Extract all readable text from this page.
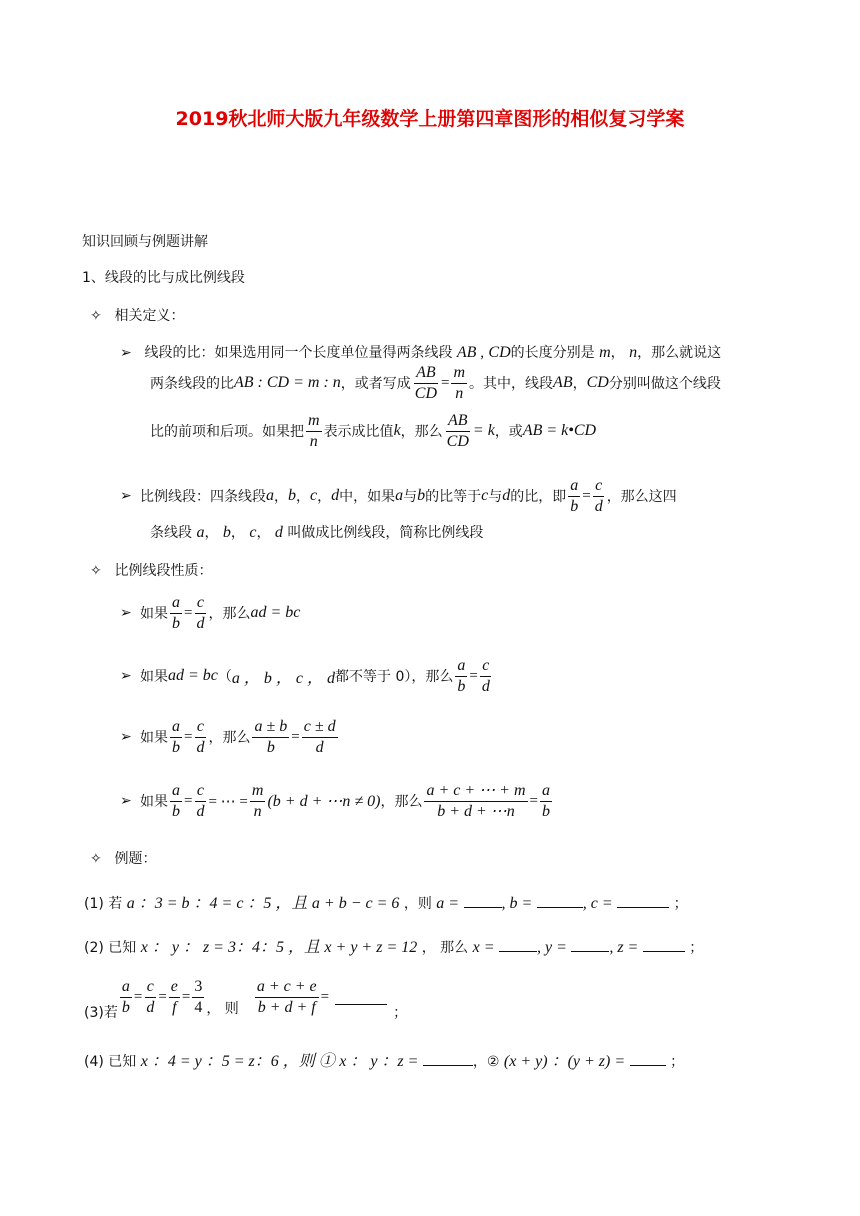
2019秋北师大版九年级数学上册第四章图形的相似复习学案
知识回顾与例题讲解
1、线段的比与成比例线段
✧ 相关定义：
➢ 线段的比：如果选用同一个长度单位量得两条线段 AB , CD的长度分别是 m， n，那么就说这
两条线段的比 AB : CD = m : n ，或者写成 $\frac{AB}{CD} = \frac{m}{n}$ 。其中，线段 AB ， CD 分别叫做这个线段
比的前项和后项。如果把 $\frac{m}{n}$ 表示成比值 k ，那么 $\frac{AB}{CD} = k$ ，或 AB = k•CD
➢ 比例线段：四条线段 a ， b ， c ， d 中，如果 a 与 b 的比等于 c 与 d 的比，即 $\frac{a}{b} = \frac{c}{d}$ ，那么这四
条线段 a， b， c， d 叫做成比例线段，简称比例线段
✧ 比例线段性质：
➢ 如果 $\frac{a}{b} = \frac{c}{d}$ ，那么 ad = bc
➢ 如果 ad = bc （ a ， b ， c ， d 都不等于 0），那么 $\frac{a}{b} = \frac{c}{d}$
➢ 如果 $\frac{a}{b} = \frac{c}{d}$ ，那么 $\frac{a \pm b}{b} = \frac{c \pm d}{d}$
➢ 如果 $\frac{a}{b} = \frac{c}{d}$ = ⋯ = $\frac{m}{n} (b + d$ + ⋯n ≠ 0) ，那么 $\frac{a + c + \cdots + m}{b + d + \cdots n} = \frac{a}{b}$
✧ 例题：
(1) 若 a ：3 = b ：4 = c ：5 ，且 a + b − c = 6 ，则 a =	, b =	, c =	；
(2) 已知 x ： y ： z = 3：4：5 ，且 x + y + z = 12 ， 那么 x =	, y =	, z =	；
(3)若 $\frac{a}{b} = \frac{c}{d} = \frac{e}{f} = \frac{3}{4}$ ， 则 $\frac{a + c + e}{b + d + f}$ =
；
(4) 已知 x ：4 = y ：5 = z：6 ，则 ① x ： y ：z =	，② (x + y) ：(y + z) =	；
